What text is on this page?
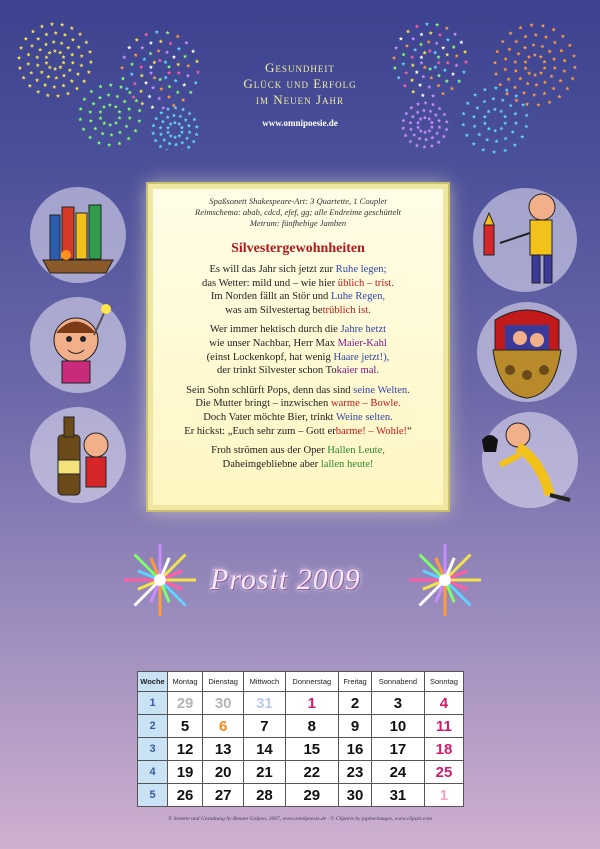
Gesundheit
Glück und Erfolg
im Neuen Jahr
www.omnipoesie.de
Spaßsonett Shakespeare-Art: 3 Quartette, 1 Couplet
Reimschema: abab, cdcd, efef, gg; alle Endreime geschüttelt
Metrum: fünfhebige Jamben
Silvestergewohnheiten
Es will das Jahr sich jetzt zur Ruhe legen;
das Wetter: mild und – wie hier üblich – trist.
Im Norden fällt an Stör und Luhe Regen,
was am Silvestertag betrüblich ist.
Wer immer hektisch durch die Jahre hetzt
wie unser Nachbar, Herr Max Maier-Kahl
(einst Lockenkopf, hat wenig Haare jetzt!),
der trinkt Silvester schon Tokaier mal.
Sein Sohn schlürft Pops, denn das sind seine Welten.
Die Mutter bringt – inzwischen warme – Bowle.
Doch Vater möchte Bier, trinkt Weine selten.
Er hickst: „Euch sehr zum – Gott erbarme! – Wohle!“
Froh strömen aus der Oper Hallen Leute,
Daheimgebliebne aber lallen heute!
Prosit 2009
Woche	Montag	Dienstag	Mittwoch	Donnerstag	Freitag	Sonnabend	Sonntag
1	29	30	31	1	2	3	4
2	5	6	7	8	9	10	11
3	12	13	14	15	16	17	18
4	19	20	21	22	23	24	25
5	26	27	28	29	30	31	1
© Sonette und Gestaltung by Renate Golpon, 2007, www.omnipoesie.de · © Cliparts by jupiterimages, www.clipart.com
